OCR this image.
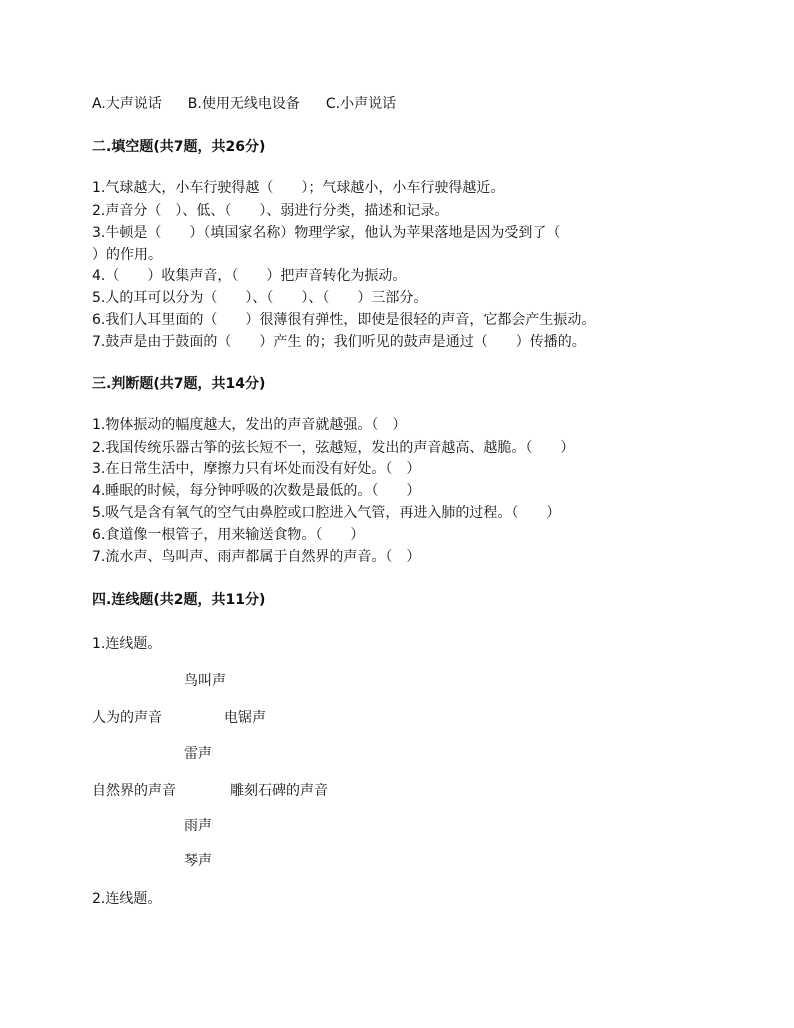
A.大声说话 B.使用无线电设备 C.小声说话
二.填空题(共7题，共26分)
1.气球越大，小车行驶得越（　　）；气球越小，小车行驶得越近。
2.声音分（　）、低、（　　）、弱进行分类，描述和记录。
3.牛顿是（　　）（填国家名称）物理学家，他认为苹果落地是因为受到了（
）的作用。
4.（　　）收集声音，（　　）把声音转化为振动。
5.人的耳可以分为（　　）、（　　）、（　　）三部分。
6.我们人耳里面的（　　）很薄很有弹性，即使是很轻的声音，它都会产生振动。
7.鼓声是由于鼓面的（　　）产生 的；我们听见的鼓声是通过（　　）传播的。
三.判断题(共7题，共14分)
1.物体振动的幅度越大，发出的声音就越强。（　）
2.我国传统乐器古筝的弦长短不一，弦越短，发出的声音越高、越脆。（　　）
3.在日常生活中，摩擦力只有坏处而没有好处。（　）
4.睡眠的时候，每分钟呼吸的次数是最低的。（　　）
5.吸气是含有氧气的空气由鼻腔或口腔进入气管，再进入肺的过程。（　　）
6.食道像一根管子，用来输送食物。（　　）
7.流水声、鸟叫声、雨声都属于自然界的声音。（　）
四.连线题(共2题，共11分)
1.连线题。
鸟叫声
人为的声音	电锯声
雷声
自然界的声音	雕刻石碑的声音
雨声
琴声
2.连线题。
